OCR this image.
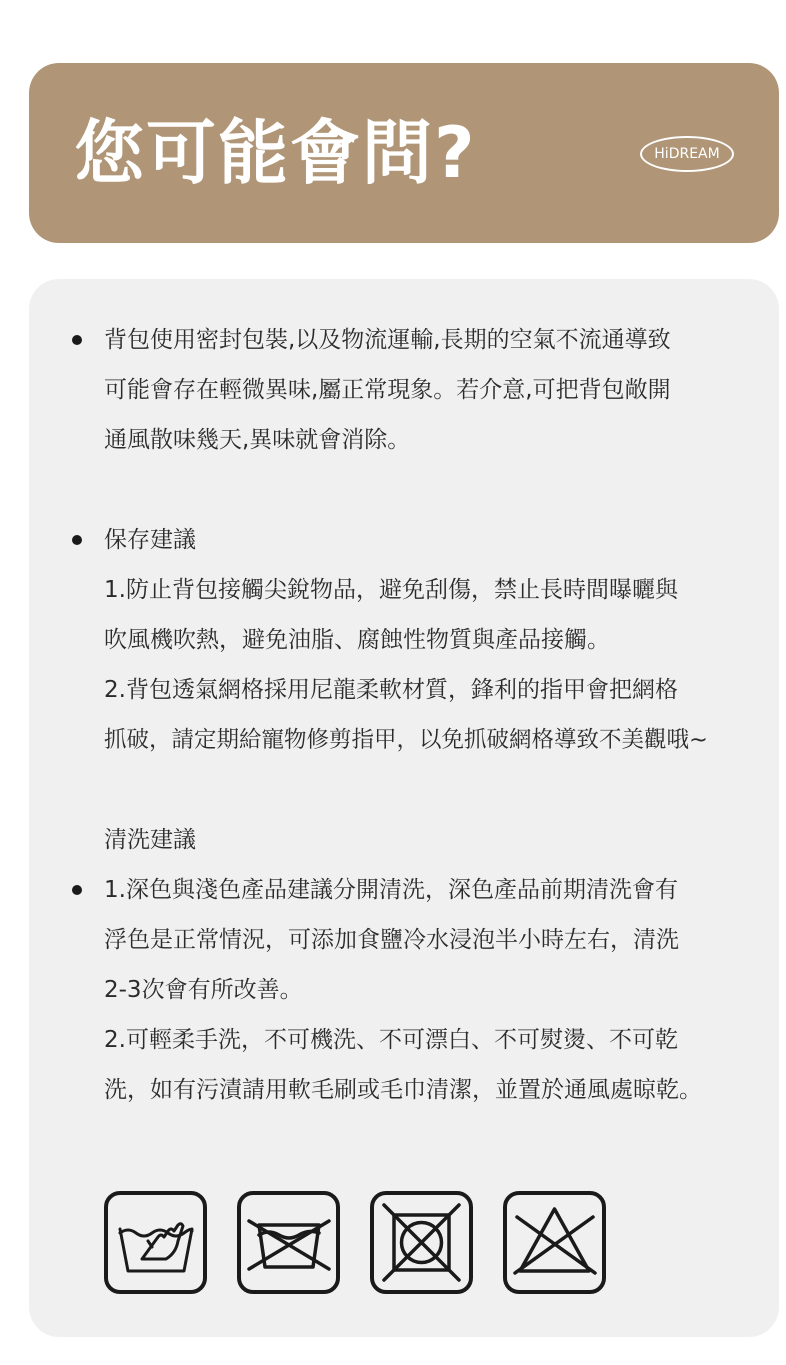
您可能會問?	HiDREAM
背包使用密封包裝,以及物流運輸,長期的空氣不流通導致
可能會存在輕微異味,屬正常現象。若介意,可把背包敞開
通風散味幾天,異味就會消除。
保存建議
1.防止背包接觸尖銳物品，避免刮傷，禁止長時間曝曬與
吹風機吹熱，避免油脂、腐蝕性物質與產品接觸。
2.背包透氣網格採用尼龍柔軟材質，鋒利的指甲會把網格
抓破，請定期給寵物修剪指甲，以免抓破網格導致不美觀哦~
清洗建議
1.深色與淺色產品建議分開清洗，深色產品前期清洗會有
浮色是正常情況，可添加食鹽冷水浸泡半小時左右，清洗
2-3次會有所改善。
2.可輕柔手洗，不可機洗、不可漂白、不可熨燙、不可乾
洗，如有污漬請用軟毛刷或毛巾清潔，並置於通風處晾乾。
